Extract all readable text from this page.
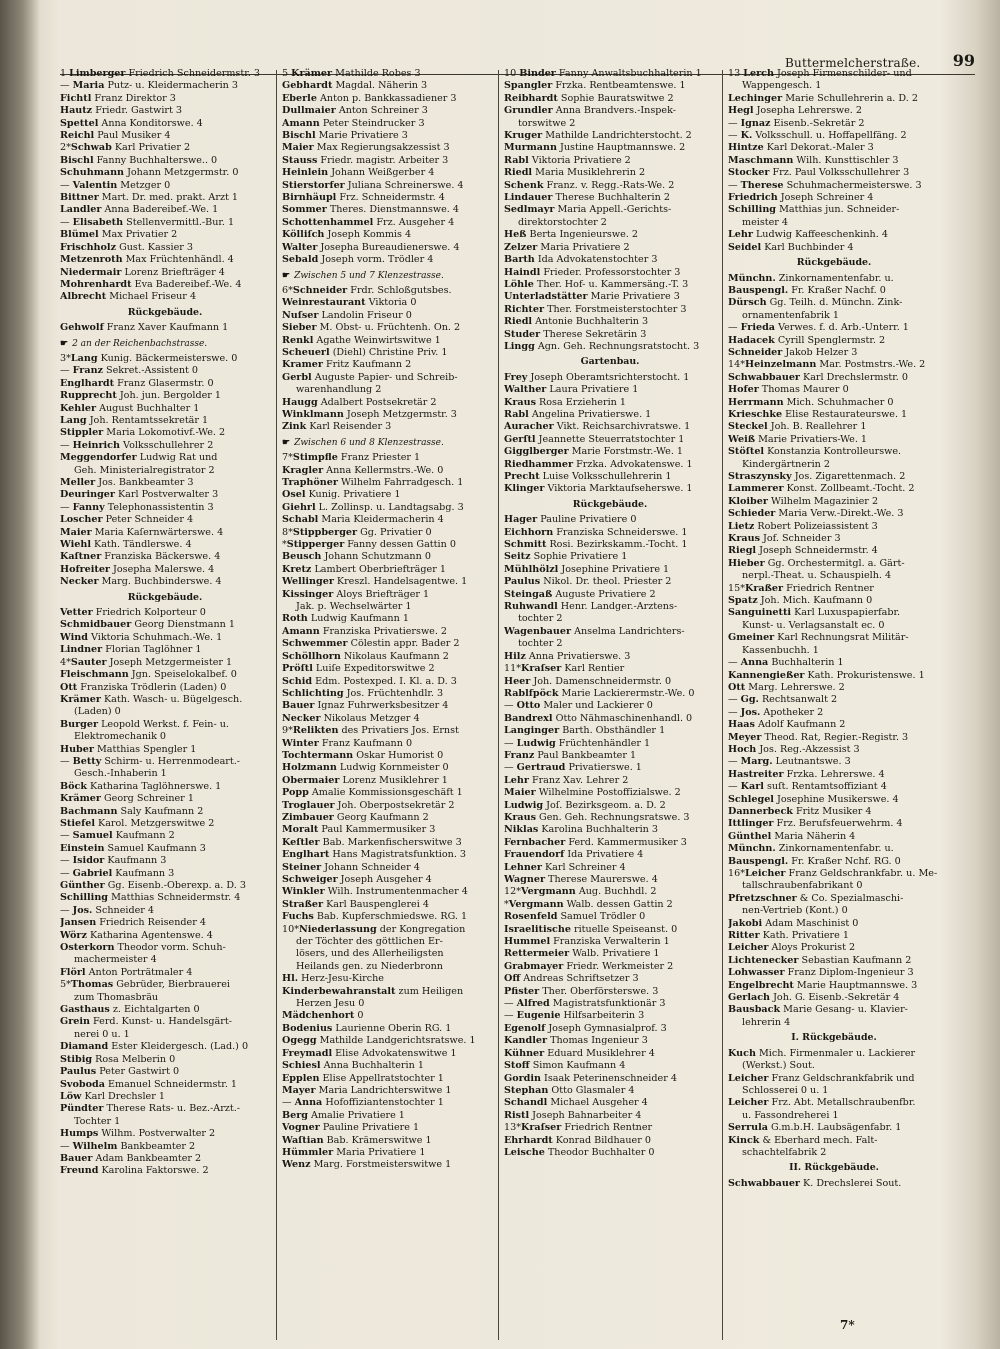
Buttermelcherstraße. 99
1 Limberger Friedrich Schneidermstr. 3
— Maria Putz- u. Kleidermacherin 3
Fichtl Franz Direktor 3
Hautz Friedr. Gastwirt 3
Spettel Anna Konditorswe. 4
Reichl Paul Musiker 4
2*Schwab Karl Privatier 2
Bischl Fanny Buchhalterswe.. 0
Schuhmann Johann Metzgermstr. 0
— Valentin Metzger 0
Bittner Mart. Dr. med. prakt. Arzt 1
Landler Anna Badereibef.-We. 1
— Elisabeth Stellenvermittl.-Bur. 1
Blümel Max Privatier 2
Frischholz Gust. Kassier 3
Metzenroth Max Früchtenhändl. 4
Niedermair Lorenz Briefträger 4
Mohrenhardt Eva Badereibef.-We. 4
Albrecht Michael Friseur 4
Rückgebäude.
Gehwolf Franz Xaver Kaufmann 1
☛ 2 an der Reichenbachstrasse.
3*Lang Kunig. Bäckermeisterswe. 0
— Franz Sekret.-Assistent 0
Englhardt Franz Glasermstr. 0
Rupprecht Joh. jun. Bergolder 1
Kehler August Buchhalter 1
Lang Joh. Rentamtssekretär 1
Stippler Maria Lokomotivf.-We. 2
— Heinrich Volksschullehrer 2
Meggendorfer Ludwig Rat und
Geh. Ministerialregistrator 2
Meller Jos. Bankbeamter 3
Deuringer Karl Postverwalter 3
— Fanny Telephonassistentin 3
Loscher Peter Schneider 4
Maier Maria Kaſernwärterswe. 4
Wiehl Kath. Tändlerswe. 4
Kaſtner Franziska Bäckerswe. 4
Hofreiter Josepha Malerswe. 4
Necker Marg. Buchbinderswe. 4
Rückgebäude.
Vetter Friedrich Kolporteur 0
Schmidbauer Georg Dienstmann 1
Wind Viktoria Schuhmach.-We. 1
Lindner Florian Taglöhner 1
4*Sauter Joseph Metzgermeister 1
Fleischmann Jgn. Speiselokalbef. 0
Ott Franziska Trödlerin (Laden) 0
Krämer Kath. Wasch- u. Bügelgesch.
(Laden) 0
Burger Leopold Werkst. f. Fein- u.
Elektromechanik 0
Huber Matthias Spengler 1
— Betty Schirm- u. Herrenmodeart.-
Gesch.-Inhaberin 1
Böck Katharina Taglöhnerswe. 1
Krämer Georg Schreiner 1
Bachmann Saly Kaufmann 2
Stiefel Karol. Metzgerswitwe 2
— Samuel Kaufmann 2
Einstein Samuel Kaufmann 3
— Isidor Kaufmann 3
— Gabriel Kaufmann 3
Günther Gg. Eisenb.-Oberexp. a. D. 3
Schilling Matthias Schneidermstr. 4
— Jos. Schneider 4
Jansen Friedrich Reisender 4
Wörz Katharina Agentenswe. 4
Osterkorn Theodor vorm. Schuh-
machermeister 4
Flörl Anton Porträtmaler 4
5*Thomas Gebrüder, Bierbrauerei
zum Thomasbräu
Gasthaus z. Eichtalgarten 0
Grein Ferd. Kunst- u. Handelsgärt-
nerei 0 u. 1
Diamand Ester Kleidergesch. (Lad.) 0
Stibig Rosa Melberin 0
Paulus Peter Gastwirt 0
Svoboda Emanuel Schneidermstr. 1
Löw Karl Drechsler 1
Pündter Therese Rats- u. Bez.-Arzt.-
Tochter 1
Humps Wilhm. Postverwalter 2
— Wilhelm Bankbeamter 2
Bauer Adam Bankbeamter 2
Freund Karolina Faktorswe. 2
5 Krämer Mathilde Robes 3
Gebhardt Magdal. Näherin 3
Eberle Anton p. Bankkassadiener 3
Dullmaier Anton Schreiner 3
Amann Peter Steindrucker 3
Bischl Marie Privatiere 3
Maier Max Regierungsakzessist 3
Stauss Friedr. magistr. Arbeiter 3
Heinlein Johann Weißgerber 4
Stierstorfer Juliana Schreinerswe. 4
Birnhäupl Frz. Schneidermstr. 4
Sommer Theres. Dienstmannswe. 4
Schottenhammel Frz. Ausgeher 4
Kölliſch Joseph Kommis 4
Walter Josepha Bureaudienerswe. 4
Sebald Joseph vorm. Trödler 4
☛ Zwischen 5 und 7 Klenzestrasse.
6*Schneider Frdr. Schloßgutsbes.
Weinrestaurant Viktoria 0
Nuſser Landolin Friseur 0
Sieber M. Obst- u. Früchtenh. On. 2
Renkl Agathe Weinwirtswitwe 1
Scheuerl (Diehl) Christine Priv. 1
Kramer Fritz Kaufmann 2
Gerbl Auguste Papier- und Schreib-
warenhandlung 2
Haugg Adalbert Postsekretär 2
Winklmann Joseph Metzgermstr. 3
Zink Karl Reisender 3
☛ Zwischen 6 und 8 Klenzestrasse.
7*Stimpfle Franz Priester 1
Kragler Anna Kellermstrs.-We. 0
Traphöner Wilhelm Fahrradgesch. 1
Osel Kunig. Privatiere 1
Giehrl L. Zollinsp. u. Landtagsabg. 3
Schabl Maria Kleidermacherin 4
8*Stippberger Gg. Privatier 0
*Stipperger Fanny dessen Gattin 0
Beusch Johann Schutzmann 0
Kretz Lambert Oberbriefträger 1
Wellinger Kreszl. Handelsagentwe. 1
Kissinger Aloys Briefträger 1
Jak. p. Wechselwärter 1
Roth Ludwig Kaufmann 1
Amann Franziska Privatierswe. 2
Schwemmer Cölestin appr. Bader 2
Schöllhorn Nikolaus Kaufmann 2
Pröſtl Luiſe Expeditorswitwe 2
Schid Edm. Postexped. I. Kl. a. D. 3
Schlichting Jos. Früchtenhdlr. 3
Bauer Ignaz Fuhrwerksbesitzer 4
Necker Nikolaus Metzger 4
9*Relikten des Privatiers Jos. Ernst
Winter Franz Kaufmann 0
Tochtermann Oskar Humorist 0
Holzmann Ludwig Kornmeister 0
Obermaier Lorenz Musiklehrer 1
Popp Amalie Kommissionsgeschäft 1
Troglauer Joh. Oberpostsekretär 2
Zimbauer Georg Kaufmann 2
Moralt Paul Kammermusiker 3
Keſtler Bab. Markenfischerswitwe 3
Englhart Hans Magistratsfunktion. 3
Steiner Johann Schneider 4
Schweiger Joseph Ausgeher 4
Winkler Wilh. Instrumentenmacher 4
Straßer Karl Bauspenglerei 4
Fuchs Bab. Kupferschmiedswe. RG. 1
10*Niederlassung der Kongregation
der Töchter des göttlichen Er-
lösers, und des Allerheiligsten
Heilands gen. zu Niederbronn
Hl. Herz-Jesu-Kirche
Kinderbewahranstalt zum Heiligen
Herzen Jesu 0
Mädchenhort 0
Bodenius Laurienne Oberin RG. 1
Ogegg Mathilde Landgerichtsratswe. 1
Freymadl Elise Advokatenswitwe 1
Schiesl Anna Buchhalterin 1
Epplen Elise Appellratstochter 1
Mayer Maria Landrichterswitwe 1
— Anna Hofoffiziantenstochter 1
Berg Amalie Privatiere 1
Vogner Pauline Privatiere 1
Waſtian Bab. Krämerswitwe 1
Hümmler Maria Privatiere 1
Wenz Marg. Forstmeisterswitwe 1
10 Binder Fanny Anwaltsbuchhalterin 1
Spangler Frzka. Rentbeamtenswe. 1
Reibhardt Sophie Bauratswitwe 2
Grundler Anna Brandvers.-Inspek-
torswitwe 2
Kruger Mathilde Landrichterstocht. 2
Murmann Justine Hauptmannswe. 2
Rabl Viktoria Privatiere 2
Riedl Maria Musiklehrerin 2
Schenk Franz. v. Regg.-Rats-We. 2
Lindauer Therese Buchhalterin 2
Sedlmayr Maria Appell.-Gerichts-
direktorstochter 2
Heß Berta Ingenieurswe. 2
Zelzer Maria Privatiere 2
Barth Ida Advokatenstochter 3
Haindl Frieder. Professorstochter 3
Löhle Ther. Hof- u. Kammersäng.-T. 3
Unterladstätter Marie Privatiere 3
Richter Ther. Forstmeisterstochter 3
Riedl Antonie Buchhalterin 3
Studer Therese Sekretärin 3
Lingg Agn. Geh. Rechnungsratstocht. 3
Gartenbau.
Frey Joseph Oberamtsrichterstocht. 1
Walther Laura Privatiere 1
Kraus Rosa Erzieherin 1
Rabl Angelina Privatierswe. 1
Auracher Vikt. Reichsarchivratswe. 1
Gerſtl Jeannette Steuerratstochter 1
Gigglberger Marie Forstmstr.-We. 1
Riedhammer Frzka. Advokatenswe. 1
Precht Luise Volksschullehrerin 1
Klinger Viktoria Marktaufseherswe. 1
Rückgebäude.
Hager Pauline Privatiere 0
Eichhorn Franziska Schneiderswe. 1
Schmitt Rosi. Bezirkskamm.-Tocht. 1
Seitz Sophie Privatiere 1
Mühlhölzl Josephine Privatiere 1
Paulus Nikol. Dr. theol. Priester 2
Steingaß Auguste Privatiere 2
Ruhwandl Henr. Landger.-Arztens-
tochter 2
Wagenbauer Anselma Landrichters-
tochter 2
Hilz Anna Privatierswe. 3
11*Kraſser Karl Rentier
Heer Joh. Damenschneidermstr. 0
Rablfpöck Marie Lackierermstr.-We. 0
— Otto Maler und Lackierer 0
Bandrexl Otto Nähmaschinenhandl. 0
Langinger Barth. Obsthändler 1
— Ludwig Früchtenhändler 1
Franz Paul Bankbeamter 1
— Gertraud Privatierswe. 1
Lehr Franz Xav. Lehrer 2
Maier Wilhelmine Postoffizialswe. 2
Ludwig Joſ. Bezirksgeom. a. D. 2
Kraus Gen. Geh. Rechnungsratswe. 3
Niklas Karolina Buchhalterin 3
Fernbacher Ferd. Kammermusiker 3
Frauendorf Ida Privatiere 4
Lehner Karl Schreiner 4
Wagner Therese Maurerswe. 4
12*Vergmann Aug. Buchhdl. 2
*Vergmann Walb. dessen Gattin 2
Rosenfeld Samuel Trödler 0
Israelitische rituelle Speiseanst. 0
Hummel Franziska Verwalterin 1
Rettermeier Walb. Privatiere 1
Grabmayer Friedr. Werkmeister 2
Off Andreas Schriftsetzer 3
Pfister Ther. Oberförsterswe. 3
— Alfred Magistratsfunktionär 3
— Eugenie Hilfsarbeiterin 3
Egenolf Joseph Gymnasialprof. 3
Kandler Thomas Ingenieur 3
Kühner Eduard Musiklehrer 4
Stoff Simon Kaufmann 4
Gordin Isaak Peterinenschneider 4
Stephan Otto Glasmaler 4
Schandl Michael Ausgeher 4
Ristl Joseph Bahnarbeiter 4
13*Kraſser Friedrich Rentner
Ehrhardt Konrad Bildhauer 0
Leische Theodor Buchhalter 0
13 Lerch Joseph Firmenschilder- und
Wappengesch. 1
Lechinger Marie Schullehrerin a. D. 2
Hegl Josepha Lehrerswe. 2
— Ignaz Eisenb.-Sekretär 2
— K. Volksschull. u. Hoffapellfäng. 2
Hintze Karl Dekorat.-Maler 3
Maschmann Wilh. Kunsttischler 3
Stocker Frz. Paul Volksschullehrer 3
— Therese Schuhmachermeisterswe. 3
Friedrich Joseph Schreiner 4
Schilling Matthias jun. Schneider-
meister 4
Lehr Ludwig Kaffeeschenkinh. 4
Seidel Karl Buchbinder 4
Rückgebäude.
Münchn. Zinkornamentenfabr. u.
Bauspengl. Fr. Kraßer Nachf. 0
Dürsch Gg. Teilh. d. Münchn. Zink-
ornamentenfabrik 1
— Frieda Verwes. f. d. Arb.-Unterr. 1
Hadacek Cyrill Spenglermstr. 2
Schneider Jakob Helzer 3
14*Heinzelmann Mar. Postmstrs.-We. 2
Schwabbauer Karl Drechslermstr. 0
Hofer Thomas Maurer 0
Herrmann Mich. Schuhmacher 0
Krieschke Elise Restaurateurswe. 1
Steckel Joh. B. Reallehrer 1
Weiß Marie Privatiers-We. 1
Stöſtel Konstanzia Kontrolleurswe.
Kindergärtnerin 2
Straszynsky Jos. Zigarettenmach. 2
Lammerer Konst. Zollbeamt.-Tocht. 2
Kloiber Wilhelm Magazinier 2
Schieder Maria Verw.-Direkt.-We. 3
Lietz Robert Polizeiassistent 3
Kraus Jof. Schneider 3
Riegl Joseph Schneidermstr. 4
Hieber Gg. Orchestermitgl. a. Gärt-
nerpl.-Theat. u. Schauspielh. 4
15*Kraßer Friedrich Rentner
Spatz Joh. Mich. Kaufmann 0
Sanguinetti Karl Luxuspapierfabr.
Kunst- u. Verlagsanstalt ec. 0
Gmeiner Karl Rechnungsrat Militär-
Kassenbuchh. 1
— Anna Buchhalterin 1
Kannengießer Kath. Prokuristenswe. 1
Ott Marg. Lehrerswe. 2
— Gg. Rechtsanwalt 2
— Jos. Apotheker 2
Haas Adolf Kaufmann 2
Meyer Theod. Rat, Regier.-Registr. 3
Hoch Jos. Reg.-Akzessist 3
— Marg. Leutnantswe. 3
Hastreiter Frzka. Lehrerswe. 4
— Karl suſt. Rentamtsoffiziant 4
Schlegel Josephine Musikerswe. 4
Dannerbeck Fritz Musiker 4
Ittlinger Frz. Berufsfeuerwehrm. 4
Günthel Maria Näherin 4
Münchn. Zinkornamentenfabr. u.
Bauspengl. Fr. Kraßer Nchf. RG. 0
16*Leicher Franz Geldschrankfabr. u. Me-
tallschraubenfabrikant 0
Pfretzschner & Co. Spezialmaschi-
nen-Vertrieb (Kont.) 0
Jakobi Adam Maschinist 0
Ritter Kath. Privatiere 1
Leicher Aloys Prokurist 2
Lichtenecker Sebastian Kaufmann 2
Lohwasser Franz Diplom-Ingenieur 3
Engelbrecht Marie Hauptmannswe. 3
Gerlach Joh. G. Eisenb.-Sekretär 4
Bausback Marie Gesang- u. Klavier-
lehrerin 4
I. Rückgebäude.
Kuch Mich. Firmenmaler u. Lackierer
(Werkst.) Sout.
Leicher Franz Geldschrankfabrik und
Schlosserei 0 u. 1
Leicher Frz. Abt. Metallschraubenfbr.
u. Fassondreherei 1
Serrula G.m.b.H. Laubsägenfabr. 1
Kinck & Eberhard mech. Falt-
schachtelfabrik 2
II. Rückgebäude.
Schwabbauer K. Drechslerei Sout.
7*
